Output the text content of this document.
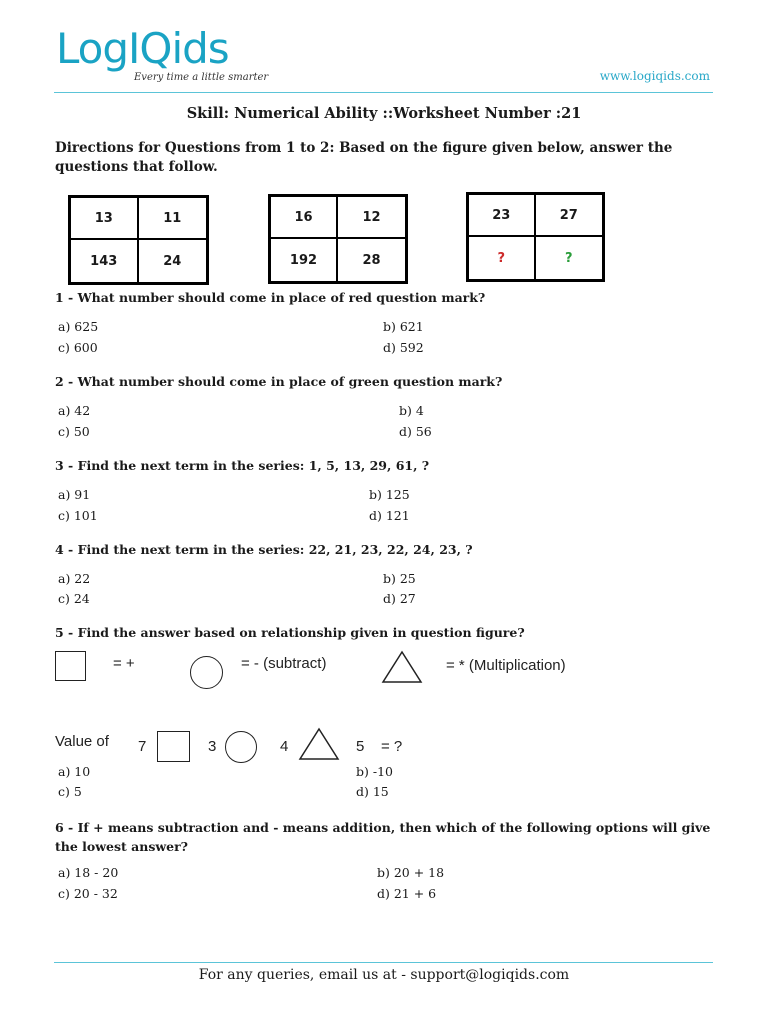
LogIQids
Every time a little smarter	www.logiqids.com
Skill: Numerical Ability ::Worksheet Number :21
Directions for Questions from 1 to 2: Based on the figure given below, answer the questions that follow.
13	11
143	24
16	12
192	28
23	27
?	?
1 - What number should come in place of red question mark?
a) 625	b) 621
c) 600	d) 592
2 - What number should come in place of green question mark?
a) 42	b) 4
c) 50	d) 56
3 - Find the next term in the series: 1, 5, 13, 29, 61, ?
a) 91	b) 125
c) 101	d) 121
4 - Find the next term in the series: 22, 21, 23, 22, 24, 23, ?
a) 22	b) 25
c) 24	d) 27
5 - Find the answer based on relationship given in question figure?
= +	= - (subtract)	= * (Multiplication)
Value of 7	3	4	5 = ?
a) 10	b) -10
c) 5	d) 15
6 - If + means subtraction and - means addition, then which of the following options will give the lowest answer?
a) 18 - 20	b) 20 + 18
c) 20 - 32	d) 21 + 6
For any queries, email us at - support@logiqids.com
